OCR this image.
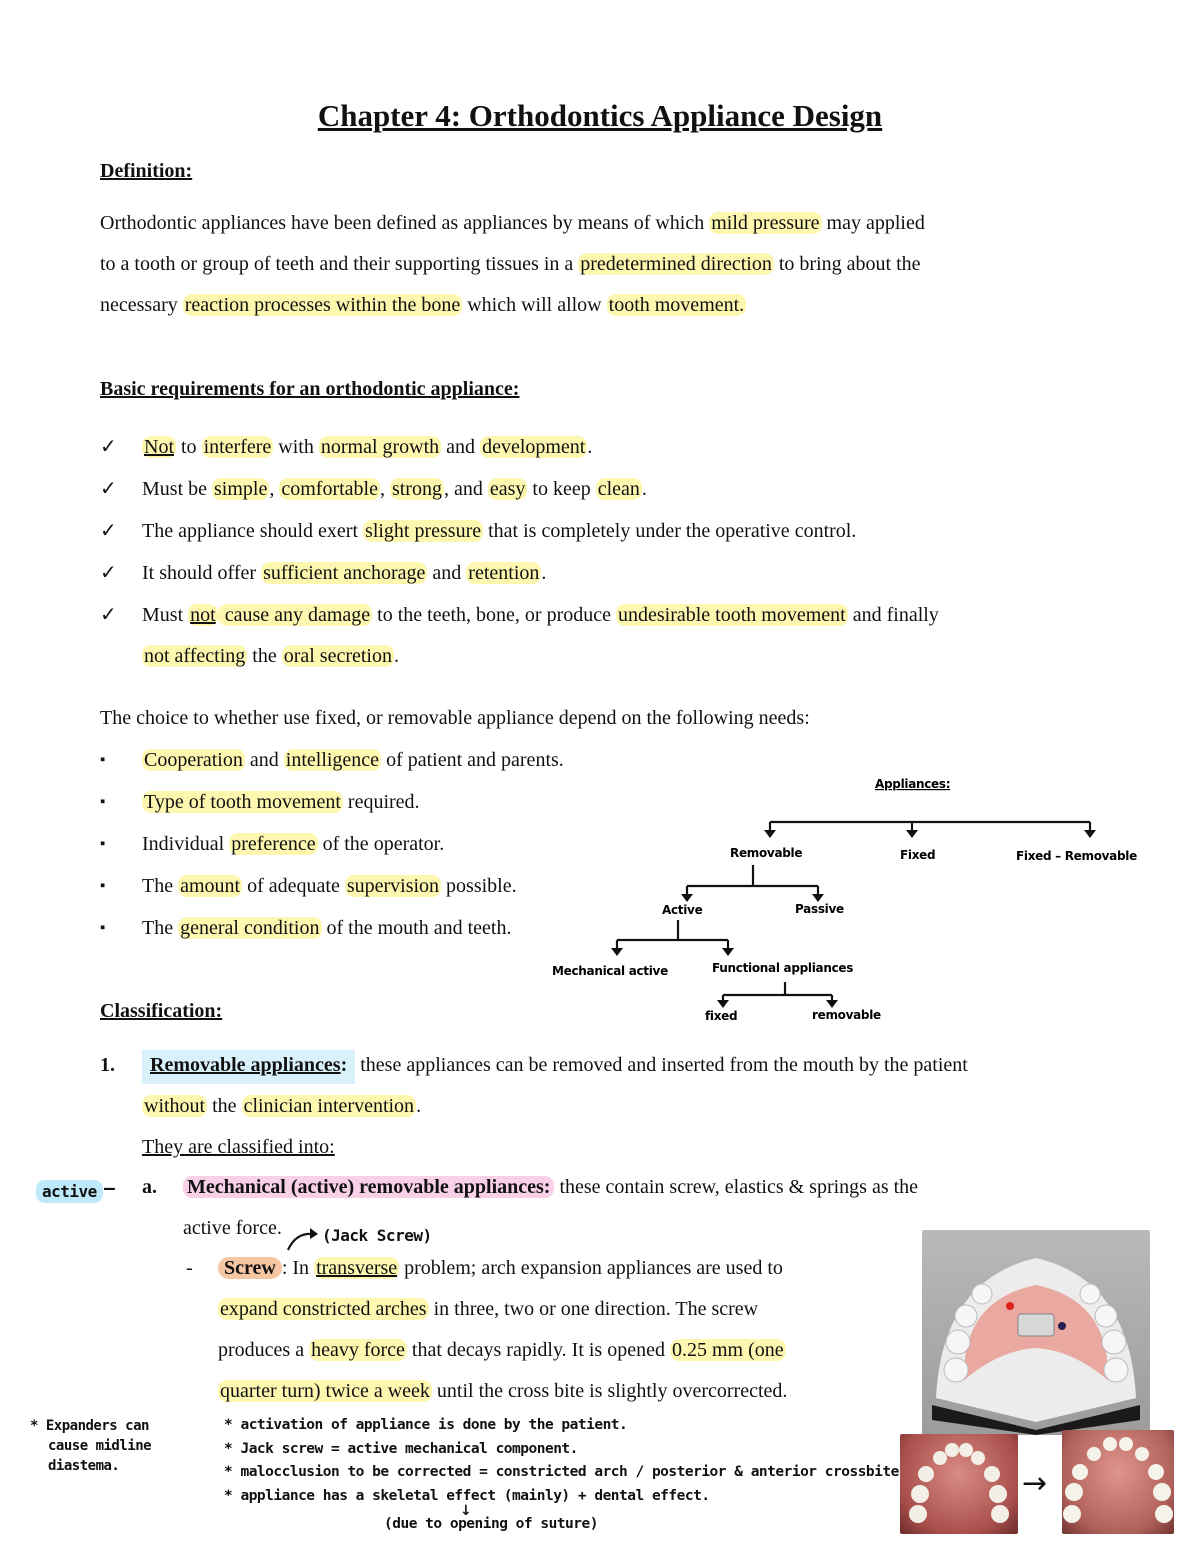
Chapter 4: Orthodontics Appliance Design
Definition:
Orthodontic appliances have been defined as appliances by means of which mild pressure may applied
to a tooth or group of teeth and their supporting tissues in a predetermined direction to bring about the
necessary reaction processes within the bone which will allow tooth movement.
Basic requirements for an orthodontic appliance:
✓	Not to interfere with normal growth and development .
✓	Must be simple , comfortable , strong , and easy to keep clean .
✓	The appliance should exert slight pressure that is completely under the operative control.
✓	It should offer sufficient anchorage and retention .
✓	Must not cause any damage to the teeth, bone, or produce undesirable tooth movement and finally
not affecting the oral secretion .
The choice to whether use fixed, or removable appliance depend on the following needs:
▪	Cooperation and intelligence of patient and parents.
▪	Type of tooth movement required.
▪	Individual preference of the operator.
▪	The amount of adequate supervision possible.
▪	The general condition of the mouth and teeth.
Appliances:
Removable	Fixed	Fixed – Removable
Active	Passive
Mechanical active	Functional appliances
fixed	removable
Classification:
1.	Removable appliances: these appliances can be removed and inserted from the mouth by the patient
without the clinician intervention .
They are classified into:
active – a. Mechanical (active) removable appliances: these contain screw, elastics & springs as the
active force.	(Jack Screw)
-	Screw : In transverse problem; arch expansion appliances are used to
expand constricted arches in three, two or one direction. The screw
produces a heavy force that decays rapidly. It is opened 0.25 mm (one
quarter turn) twice a week until the cross bite is slightly overcorrected.
→
* Expanders can
cause midline
diastema.
* activation of appliance is done by the patient.
* Jack screw = active mechanical component.
* malocclusion to be corrected = constricted arch / posterior & anterior crossbite
* appliance has a skeletal effect (mainly) + dental effect.
↓
(due to opening of suture)
